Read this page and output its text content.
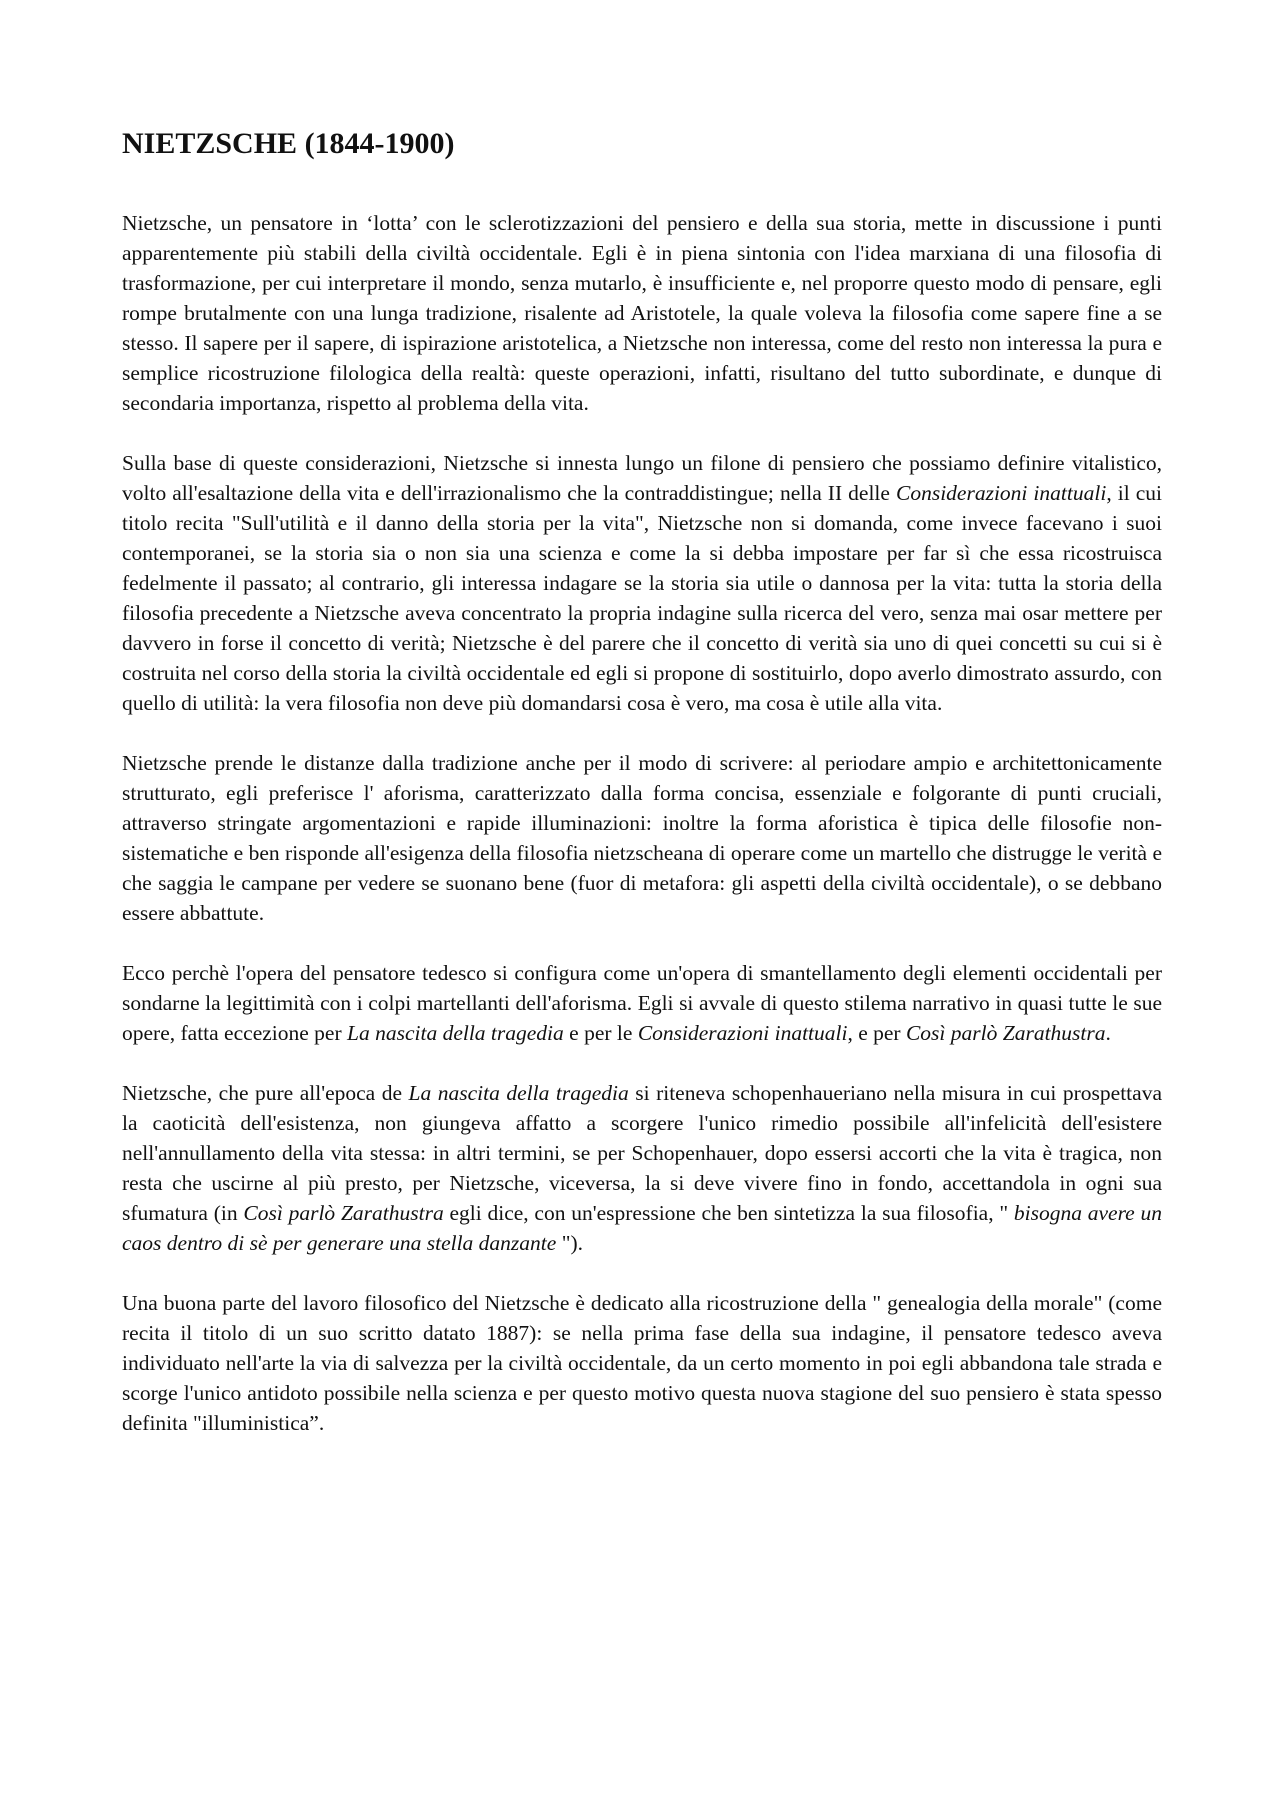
NIETZSCHE (1844-1900)

Nietzsche, un pensatore in ‘lotta’ con le sclerotizzazioni del pensiero e della sua storia, mette in discussione i punti apparentemente più stabili della civiltà occidentale. Egli è in piena sintonia con l'idea marxiana di una filosofia di trasformazione, per cui interpretare il mondo, senza mutarlo, è insufficiente e, nel proporre questo modo di pensare, egli rompe brutalmente con una lunga tradizione, risalente ad Aristotele, la quale voleva la filosofia come sapere fine a se stesso. Il sapere per il sapere, di ispirazione aristotelica, a Nietzsche non interessa, come del resto non interessa la pura e semplice ricostruzione filologica della realtà: queste operazioni, infatti, risultano del tutto subordinate, e dunque di secondaria importanza, rispetto al problema della vita.

Sulla base di queste considerazioni, Nietzsche si innesta lungo un filone di pensiero che possiamo definire vitalistico, volto all'esaltazione della vita e dell'irrazionalismo che la contraddistingue; nella II delle Considerazioni inattuali, il cui titolo recita "Sull'utilità e il danno della storia per la vita", Nietzsche non si domanda, come invece facevano i suoi contemporanei, se la storia sia o non sia una scienza e come la si debba impostare per far sì che essa ricostruisca fedelmente il passato; al contrario, gli interessa indagare se la storia sia utile o dannosa per la vita: tutta la storia della filosofia precedente a Nietzsche aveva concentrato la propria indagine sulla ricerca del vero, senza mai osar mettere per davvero in forse il concetto di verità; Nietzsche è del parere che il concetto di verità sia uno di quei concetti su cui si è costruita nel corso della storia la civiltà occidentale ed egli si propone di sostituirlo, dopo averlo dimostrato assurdo, con quello di utilità: la vera filosofia non deve più domandarsi cosa è vero, ma cosa è utile alla vita.

Nietzsche prende le distanze dalla tradizione anche per il modo di scrivere: al periodare ampio e architettonicamente strutturato, egli preferisce l' aforisma, caratterizzato dalla forma concisa, essenziale e folgorante di punti cruciali, attraverso stringate argomentazioni e rapide illuminazioni: inoltre la forma aforistica è tipica delle filosofie non-sistematiche e ben risponde all'esigenza della filosofia nietzscheana di operare come un martello che distrugge le verità e che saggia le campane per vedere se suonano bene (fuor di metafora: gli aspetti della civiltà occidentale), o se debbano essere abbattute.

Ecco perchè l'opera del pensatore tedesco si configura come un'opera di smantellamento degli elementi occidentali per sondarne la legittimità con i colpi martellanti dell'aforisma. Egli si avvale di questo stilema narrativo in quasi tutte le sue opere, fatta eccezione per La nascita della tragedia e per le Considerazioni inattuali, e per Così parlò Zarathustra.

Nietzsche, che pure all'epoca de La nascita della tragedia si riteneva schopenhaueriano nella misura in cui prospettava la caoticità dell'esistenza, non giungeva affatto a scorgere l'unico rimedio possibile all'infelicità dell'esistere nell'annullamento della vita stessa: in altri termini, se per Schopenhauer, dopo essersi accorti che la vita è tragica, non resta che uscirne al più presto, per Nietzsche, viceversa, la si deve vivere fino in fondo, accettandola in ogni sua sfumatura (in Così parlò Zarathustra egli dice, con un'espressione che ben sintetizza la sua filosofia, " bisogna avere un caos dentro di sè per generare una stella danzante ").

Una buona parte del lavoro filosofico del Nietzsche è dedicato alla ricostruzione della " genealogia della morale" (come recita il titolo di un suo scritto datato 1887): se nella prima fase della sua indagine, il pensatore tedesco aveva individuato nell'arte la via di salvezza per la civiltà occidentale, da un certo momento in poi egli abbandona tale strada e scorge l'unico antidoto possibile nella scienza e per questo motivo questa nuova stagione del suo pensiero è stata spesso definita "illuministica”.
